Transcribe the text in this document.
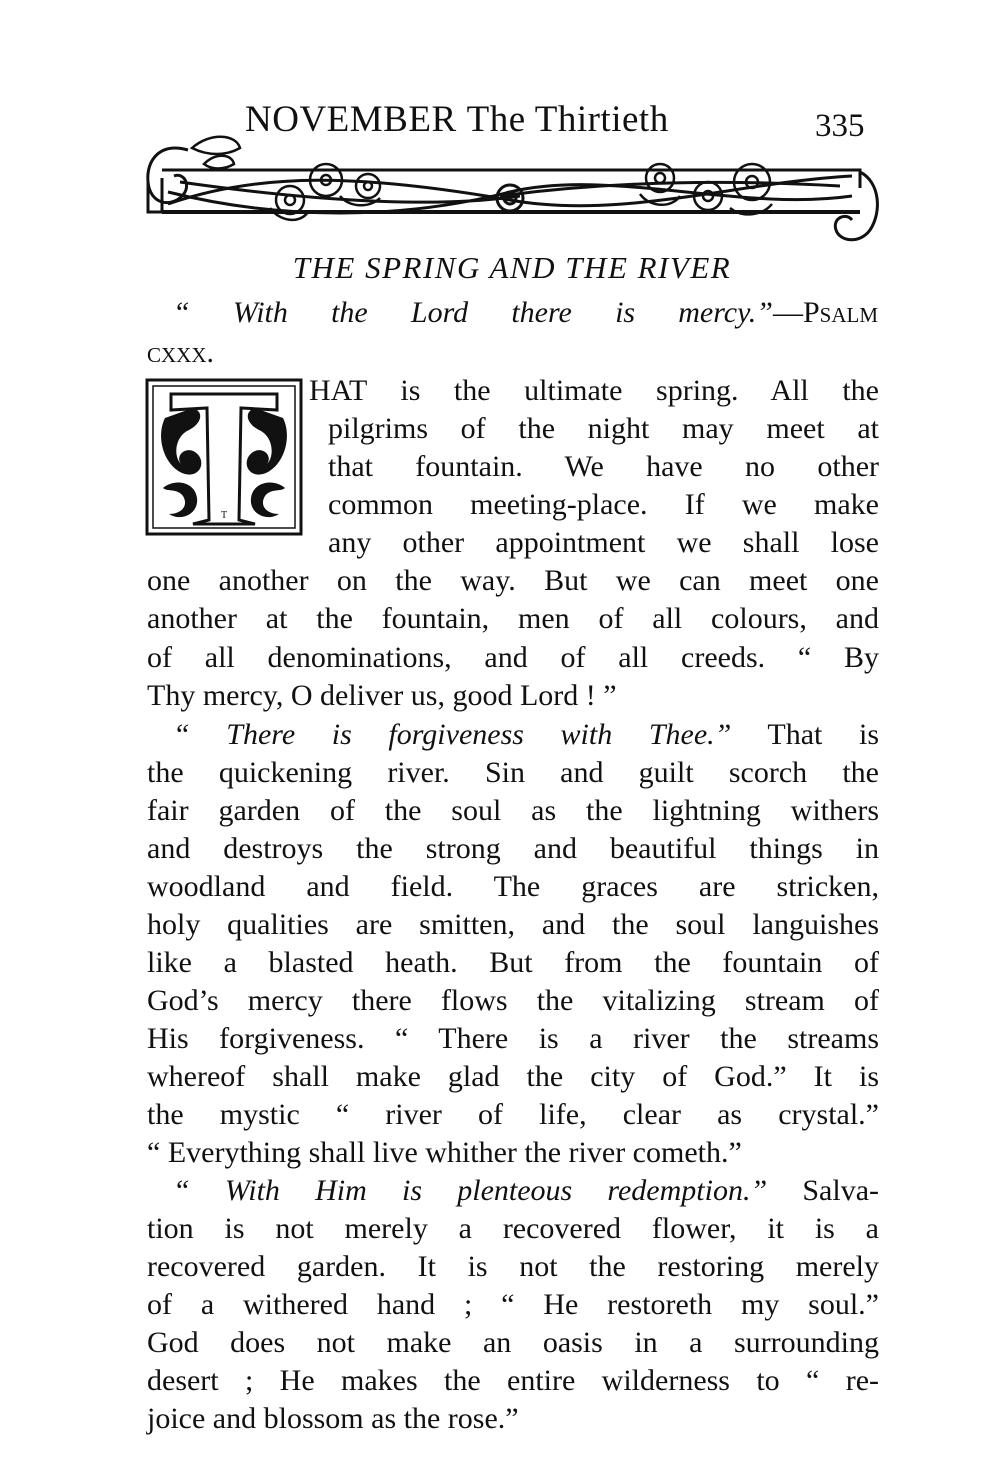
NOVEMBER The Thirtieth	335
THE SPRING AND THE RIVER
“ With the Lord there is mercy.”—Psalm
cxxx.
T
HAT is the ultimate spring. All the
pilgrims of the night may meet at
that fountain. We have no other
common meeting-place. If we make
any other appointment we shall lose
one another on the way. But we can meet one
another at the fountain, men of all colours, and
of all denominations, and of all creeds. “ By
Thy mercy, O deliver us, good Lord ! ”
“ There is forgiveness with Thee.” That is
the quickening river. Sin and guilt scorch the
fair garden of the soul as the lightning withers
and destroys the strong and beautiful things in
woodland and field. The graces are stricken,
holy qualities are smitten, and the soul languishes
like a blasted heath. But from the fountain of
God’s mercy there flows the vitalizing stream of
His forgiveness. “ There is a river the streams
whereof shall make glad the city of God.” It is
the mystic “ river of life, clear as crystal.”
“ Everything shall live whither the river cometh.”
“ With Him is plenteous redemption.” Salva-
tion is not merely a recovered flower, it is a
recovered garden. It is not the restoring merely
of a withered hand ; “ He restoreth my soul.”
God does not make an oasis in a surrounding
desert ; He makes the entire wilderness to “ re-
joice and blossom as the rose.”
